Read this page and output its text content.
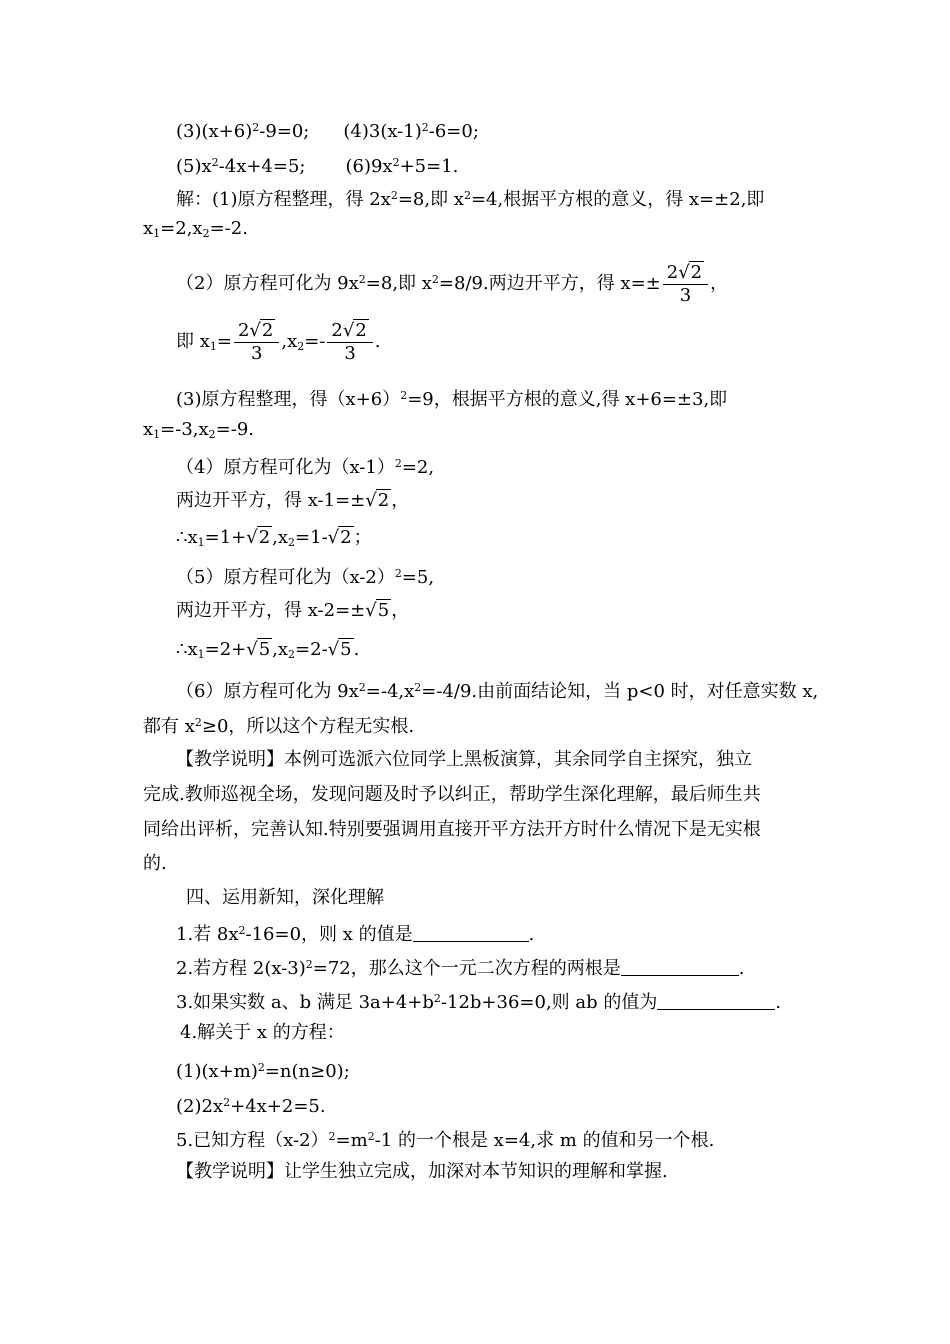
$(3)(x+6)^2-9=0$; $(4)3(x-1)^2-6=0$;
$(5)x^2-4x+4=5$; $(6)9x^2+5=1$.
解：(1)原方程整理，得 $2x^2=8$,即 $x^2=4$,根据平方根的意义，得 x=±2,即
$x_1=2,x_2=-2$.
（2）原方程可化为 $9x^2=8$,即 $x^2=8/9$.两边开平方，得 $x=\pm \frac{2√2}{3}$ ，
即 $x_1= \frac{2√2}{3} ,x_2=- \frac{2√2}{3}$ .
(3)原方程整理，得$(x+6)^2=9$，根据平方根的意义,得 x+6=±3,即
$x_1=-3,x_2=-9$.
（4）原方程可化为$(x-1)^2=2$,
两边开平方，得 x-1=±√2 ，
$\therefore x_1=1+√2$ $,x_2=1-√2$ ；
（5）原方程可化为$(x-2)^2=5$,
两边开平方，得 x-2=±√5 ，
$\therefore x_1=2+√5$ $,x_2=2-√5$ .
（6）原方程可化为 $9x^2=-4,x^2=-4/9$.由前面结论知，当 p<0 时，对任意实数 x,
都有 $x^2\ge 0$，所以这个方程无实根.
【教学说明】本例可选派六位同学上黑板演算，其余同学自主探究，独立
完成.教师巡视全场，发现问题及时予以纠正，帮助学生深化理解，最后师生共
同给出评析，完善认知.特别要强调用直接开平方法开方时什么情况下是无实根
的.
四、运用新知，深化理解
1.若 $8x^2-16=0$，则 x 的值是	.
2.若方程 $2(x-3)^2=72$，那么这个一元二次方程的两根是	.
3.如果实数 a、b 满足 $3a+4+b^2-12b+36=0$,则 ab 的值为	.
4.解关于 x 的方程：
$(1)(x+m)^2=n(n\ge 0)$;
$(2)2x^2+4x+2=5$.
5.已知方程$(x-2)^2=m^2-1$ 的一个根是 x=4,求 m 的值和另一个根.
【教学说明】让学生独立完成，加深对本节知识的理解和掌握.
